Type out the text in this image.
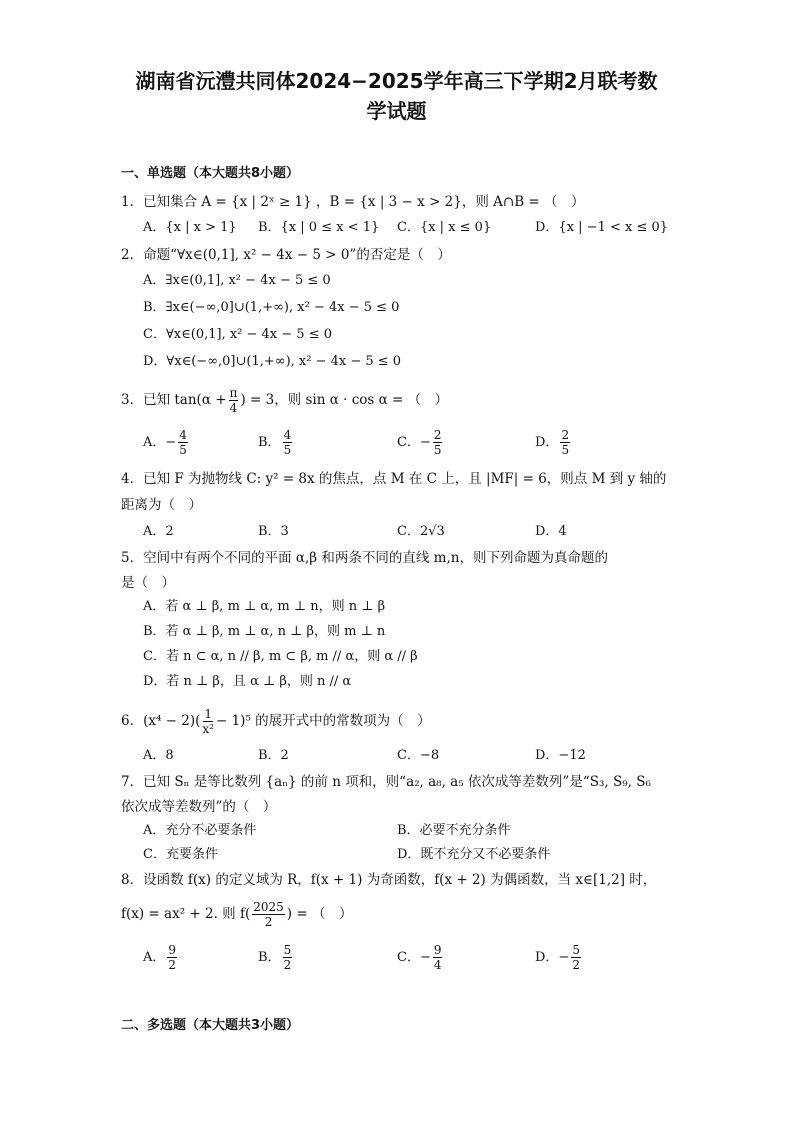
湖南省沅澧共同体2024−2025学年高三下学期2月联考数
学试题
一、单选题（本大题共8小题）
1．已知集合 A = {x | 2ˣ ≥ 1} ，B = {x | 3 − x > 2}，则 A∩B = （　）
A．{x | x > 1} B．{x | 0 ≤ x < 1} C．{x | x ≤ 0}	D．{x | −1 < x ≤ 0}
2．命题“∀x∈(0,1], x² − 4x − 5 > 0”的否定是（　）
A．∃x∈(0,1], x² − 4x − 5 ≤ 0
B．∃x∈(−∞,0]∪(1,+∞), x² − 4x − 5 ≤ 0
C．∀x∈(0,1], x² − 4x − 5 ≤ 0
D．∀x∈(−∞,0]∪(1,+∞), x² − 4x − 5 ≤ 0
3．已知 $\tan(\alpha + \frac{\pi}{4}$ ) = 3，则 sin α · cos α = （　）
A．− $\frac{4}{5}$	B． $\frac{4}{5}$	C．− $\frac{2}{5}$	D． $\frac{2}{5}$
4．已知 F 为抛物线 C: y² = 8x 的焦点，点 M 在 C 上，且 |MF| = 6，则点 M 到 y 轴的
距离为（　）
A．2	B．3	C．2√3	D．4
5．空间中有两个不同的平面 α,β 和两条不同的直线 m,n，则下列命题为真命题的
是（　）
A．若 α ⊥ β, m ⊥ α, m ⊥ n，则 n ⊥ β
B．若 α ⊥ β, m ⊥ α, n ⊥ β，则 m ⊥ n
C．若 n ⊂ α, n // β, m ⊂ β, m // α，则 α // β
D．若 n ⊥ β，且 α ⊥ β，则 n // α
6．$(x^4 - 2)( \frac{1}{\text{x²}} - 1)^5$ 的展开式中的常数项为（　）
A．8	B．2	C．−8	D．−12
7．已知 Sₙ 是等比数列 {aₙ} 的前 n 项和，则“a₂, a₈, a₅ 依次成等差数列”是“S₃, S₉, S₆
依次成等差数列”的（　）
A．充分不必要条件	B．必要不充分条件
C．充要条件	D．既不充分又不必要条件
8．设函数 f(x) 的定义域为 R，f(x + 1) 为奇函数，f(x + 2) 为偶函数，当 x∈[1,2] 时，
f(x) = ax² + 2. 则 $f( \frac{2025}{2}$ ) = （　）
A． $\frac{9}{2}$	B． $\frac{5}{2}$	C．− $\frac{9}{4}$	D．− $\frac{5}{2}$
二、多选题（本大题共3小题）
